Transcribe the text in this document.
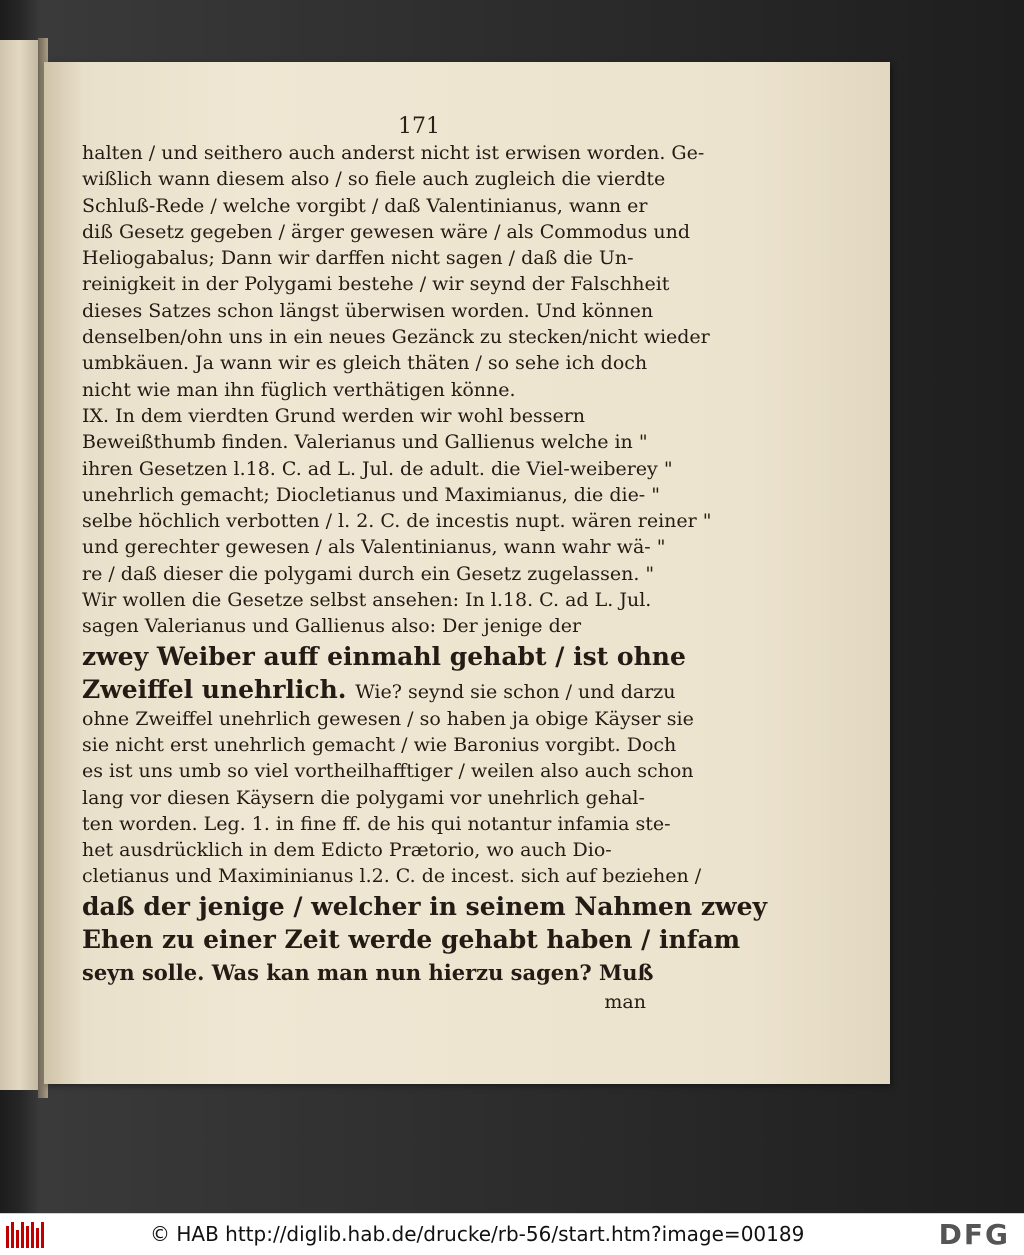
171
halten / und seithero auch anderst nicht ist erwisen worden. Ge-
wißlich wann diesem also / so fiele auch zugleich die vierdte
Schluß-Rede / welche vorgibt / daß Valentinianus, wann er
diß Gesetz gegeben / ärger gewesen wäre / als Commodus und
Heliogabalus; Dann wir darffen nicht sagen / daß die Un-
reinigkeit in der Polygami bestehe / wir seynd der Falschheit
dieses Satzes schon längst überwisen worden. Und können
denselben/ohn uns in ein neues Gezänck zu stecken/nicht wieder
umbkäuen. Ja wann wir es gleich thäten / so sehe ich doch
nicht wie man ihn füglich verthätigen könne.
IX. In dem vierdten Grund werden wir wohl bessern
Beweißthumb finden. Valerianus und Gallienus welche in "
ihren Gesetzen l.18. C. ad L. Jul. de adult. die Viel-weiberey "
unehrlich gemacht; Diocletianus und Maximianus, die die- "
selbe höchlich verbotten / l. 2. C. de incestis nupt. wären reiner "
und gerechter gewesen / als Valentinianus, wann wahr wä- "
re / daß dieser die polygami durch ein Gesetz zugelassen. "
Wir wollen die Gesetze selbst ansehen: In l.18. C. ad L. Jul.
sagen Valerianus und Gallienus also: Der jenige der
zwey Weiber auff einmahl gehabt / ist ohne
Zweiffel unehrlich. Wie? seynd sie schon / und darzu
ohne Zweiffel unehrlich gewesen / so haben ja obige Käyser sie
sie nicht erst unehrlich gemacht / wie Baronius vorgibt. Doch
es ist uns umb so viel vortheilhafftiger / weilen also auch schon
lang vor diesen Käysern die polygami vor unehrlich gehal-
ten worden. Leg. 1. in fine ff. de his qui notantur infamia ste-
het ausdrücklich in dem Edicto Prætorio, wo auch Dio-
cletianus und Maximinianus l.2. C. de incest. sich auf beziehen /
daß der jenige / welcher in seinem Nahmen zwey
Ehen zu einer Zeit werde gehabt haben / infam
seyn solle. Was kan man nun hierzu sagen? Muß
man
© HAB http://diglib.hab.de/drucke/rb-56/start.htm?image=00189	DFG
